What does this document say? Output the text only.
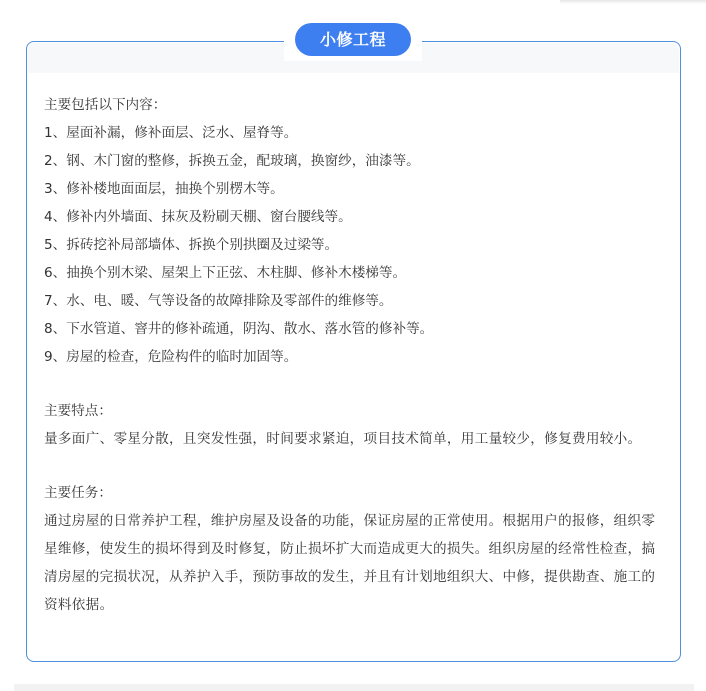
小修工程

主要包括以下内容：

1、屋面补漏，修补面层、泛水、屋脊等。

2、钢、木门窗的整修，拆换五金，配玻璃，换窗纱，油漆等。

3、修补楼地面面层，抽换个别楞木等。

4、修补内外墙面、抹灰及粉刷天棚、窗台腰线等。

5、拆砖挖补局部墙体、拆换个别拱圈及过梁等。

6、抽换个别木梁、屋架上下正弦、木柱脚、修补木楼梯等。

7、水、电、暖、气等设备的故障排除及零部件的维修等。

8、下水管道、窨井的修补疏通，阴沟、散水、落水管的修补等。

9、房屋的检查，危险构件的临时加固等。

主要特点：

量多面广、零星分散，且突发性强，时间要求紧迫，项目技术简单，用工量较少，修复费用较小。

主要任务：

通过房屋的日常养护工程，维护房屋及设备的功能，保证房屋的正常使用。根据用户的报修，组织零星维修，使发生的损坏得到及时修复，防止损坏扩大而造成更大的损失。组织房屋的经常性检查，搞清房屋的完损状况，从养护入手，预防事故的发生，并且有计划地组织大、中修，提供勘查、施工的资料依据。
